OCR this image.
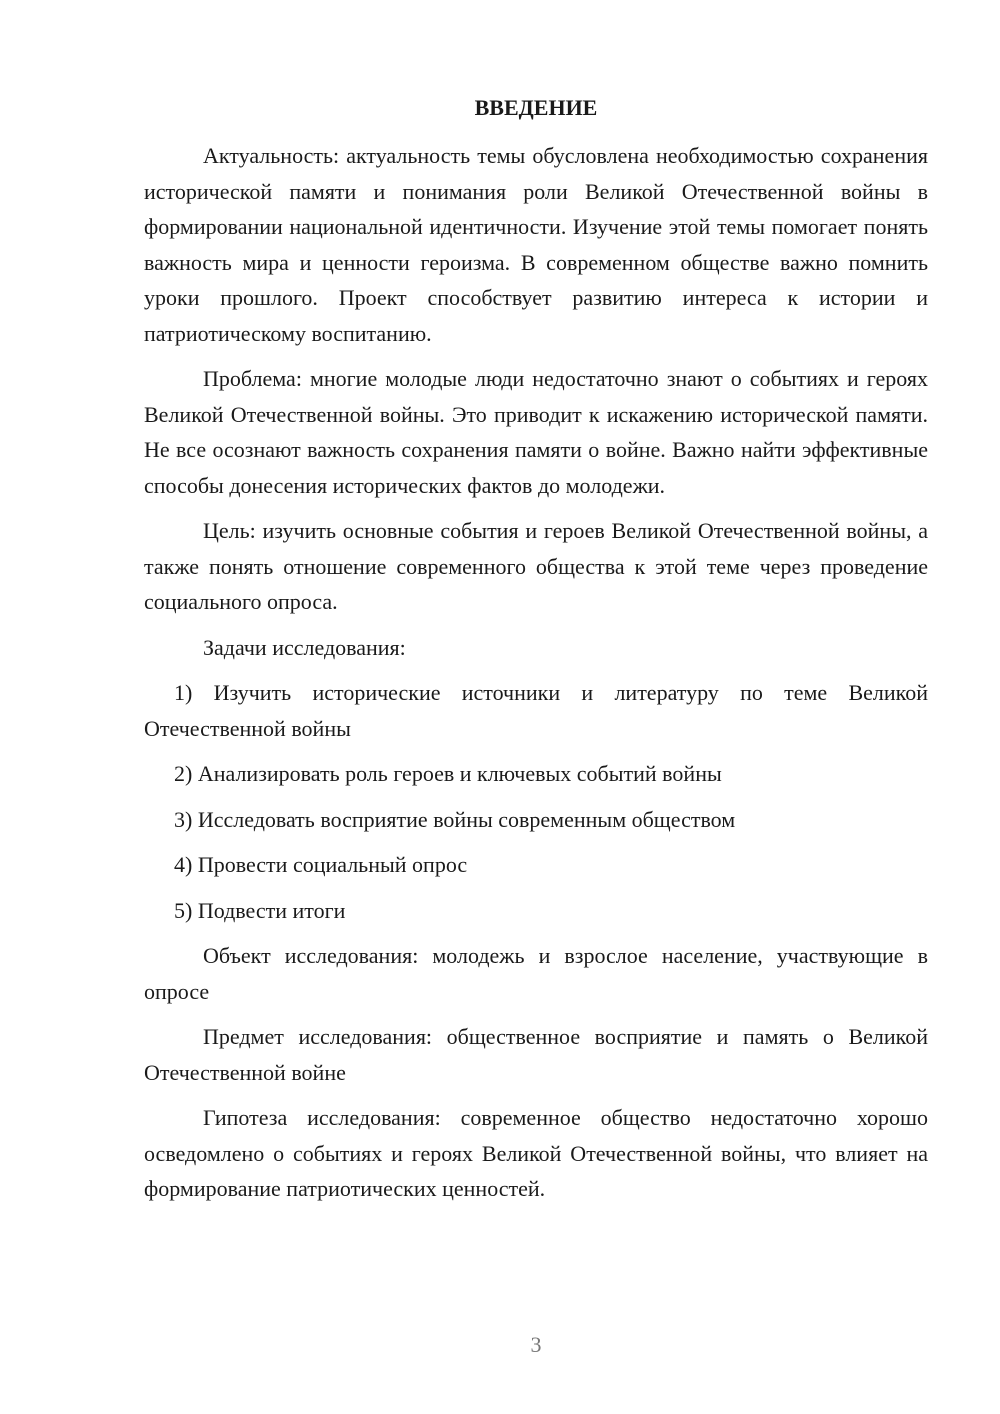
ВВЕДЕНИЕ

Актуальность: актуальность темы обусловлена необходимостью сохранения исторической памяти и понимания роли Великой Отечественной войны в формировании национальной идентичности. Изучение этой темы помогает понять важность мира и ценности героизма. В современном обществе важно помнить уроки прошлого. Проект способствует развитию интереса к истории и патриотическому воспитанию.

Проблема: многие молодые люди недостаточно знают о событиях и героях Великой Отечественной войны. Это приводит к искажению исторической памяти. Не все осознают важность сохранения памяти о войне. Важно найти эффективные способы донесения исторических фактов до молодежи.

Цель: изучить основные события и героев Великой Отечественной войны, а также понять отношение современного общества к этой теме через проведение социального опроса.

Задачи исследования:

1) Изучить исторические источники и литературу по теме Великой Отечественной войны

2) Анализировать роль героев и ключевых событий войны

3) Исследовать восприятие войны современным обществом

4) Провести социальный опрос

5) Подвести итоги

Объект исследования: молодежь и взрослое население, участвующие в опросе

Предмет исследования: общественное восприятие и память о Великой Отечественной войне

Гипотеза исследования: современное общество недостаточно хорошо осведомлено о событиях и героях Великой Отечественной войны, что влияет на формирование патриотических ценностей.

3
